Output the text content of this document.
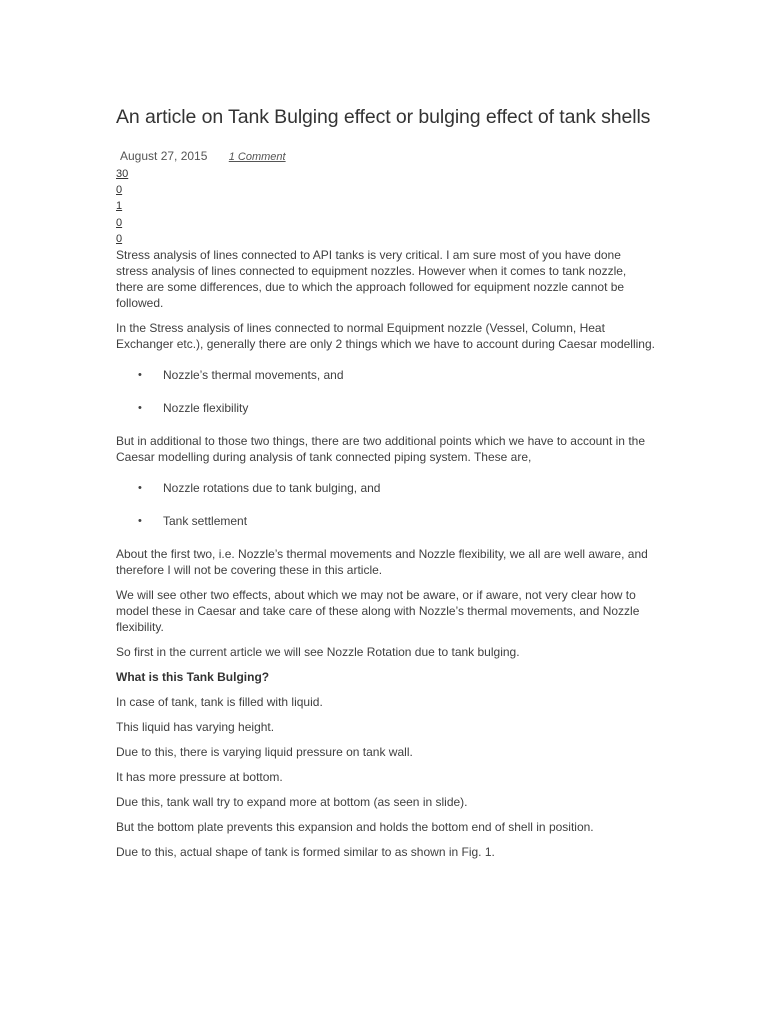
An article on Tank Bulging effect or bulging effect of tank shells
August 27, 2015 1 Comment
30
0
1
0
0

Stress analysis of lines connected to API tanks is very critical. I am sure most of you have done stress analysis of lines connected to equipment nozzles. However when it comes to tank nozzle, there are some differences, due to which the approach followed for equipment nozzle cannot be followed.

In the Stress analysis of lines connected to normal Equipment nozzle (Vessel, Column, Heat Exchanger etc.), generally there are only 2 things which we have to account during Caesar modelling.

• Nozzle’s thermal movements, and
• Nozzle flexibility

But in additional to those two things, there are two additional points which we have to account in the Caesar modelling during analysis of tank connected piping system. These are,

• Nozzle rotations due to tank bulging, and
• Tank settlement

About the first two, i.e. Nozzle’s thermal movements and Nozzle flexibility, we all are well aware, and therefore I will not be covering these in this article.

We will see other two effects, about which we may not be aware, or if aware, not very clear how to model these in Caesar and take care of these along with Nozzle’s thermal movements, and Nozzle flexibility.

So first in the current article we will see Nozzle Rotation due to tank bulging.

What is this Tank Bulging?

In case of tank, tank is filled with liquid.

This liquid has varying height.

Due to this, there is varying liquid pressure on tank wall.

It has more pressure at bottom.

Due this, tank wall try to expand more at bottom (as seen in slide).

But the bottom plate prevents this expansion and holds the bottom end of shell in position.

Due to this, actual shape of tank is formed similar to as shown in Fig. 1.
